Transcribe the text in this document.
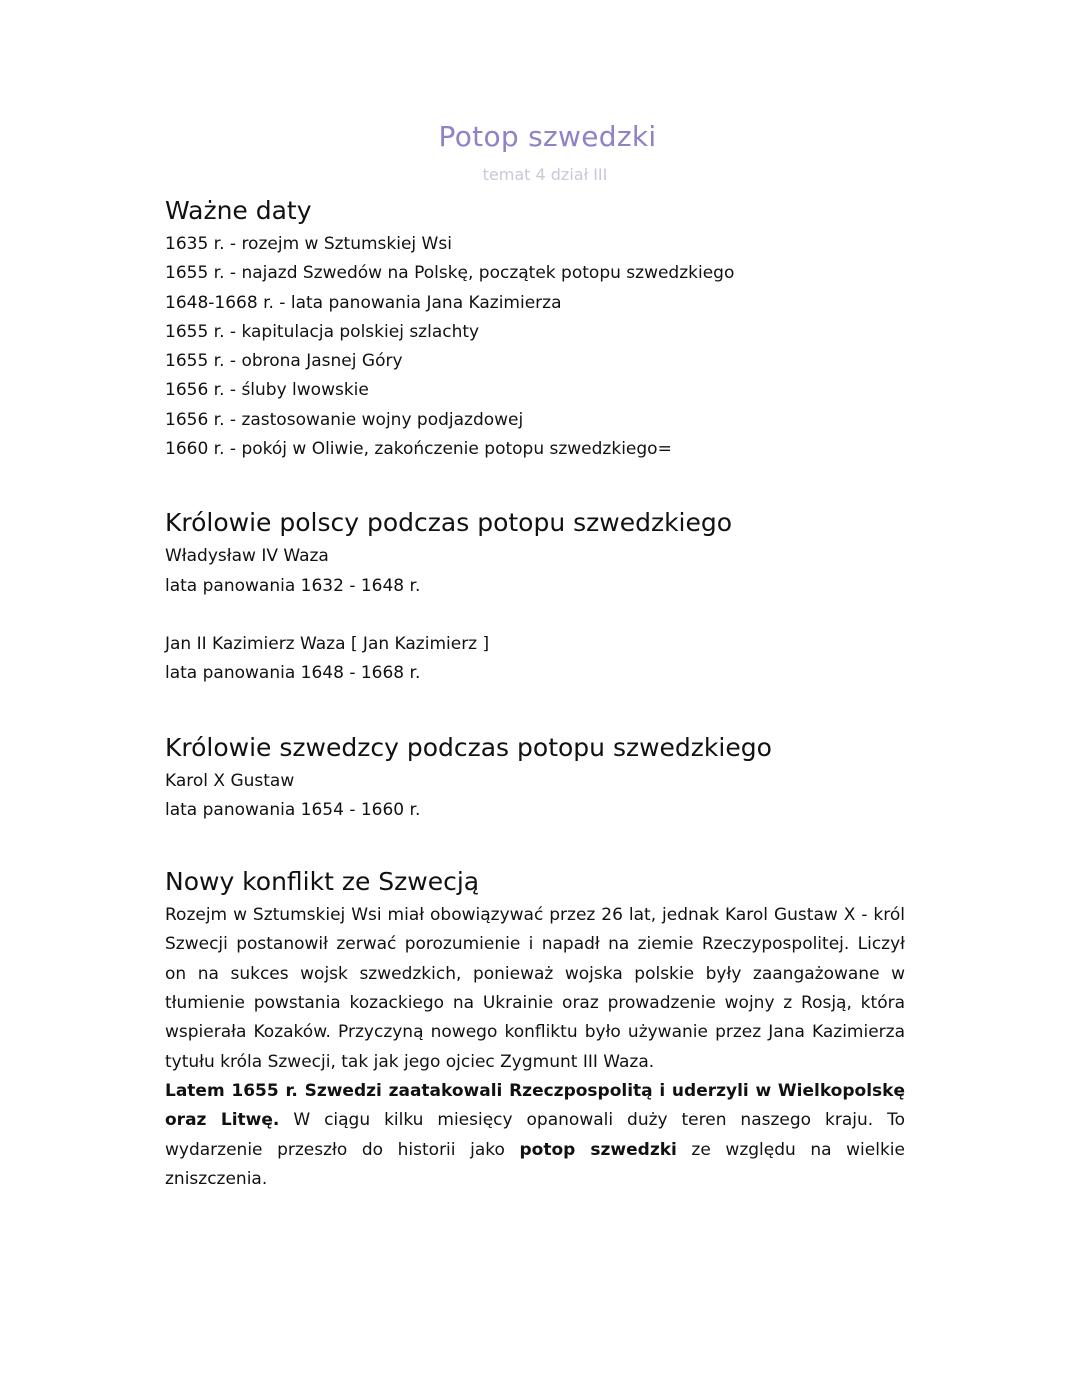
Potop szwedzki
temat 4 dział III
Ważne daty

1635 r. - rozejm w Sztumskiej Wsi

1655 r. - najazd Szwedów na Polskę, początek potopu szwedzkiego

1648-1668 r. - lata panowania Jana Kazimierza

1655 r. - kapitulacja polskiej szlachty

1655 r. - obrona Jasnej Góry

1656 r. - śluby lwowskie

1656 r. - zastosowanie wojny podjazdowej

1660 r. - pokój w Oliwie, zakończenie potopu szwedzkiego=

Królowie polscy podczas potopu szwedzkiego

Władysław IV Waza

lata panowania 1632 - 1648 r.

Jan II Kazimierz Waza [ Jan Kazimierz ]

lata panowania 1648 - 1668 r.

Królowie szwedzcy podczas potopu szwedzkiego

Karol X Gustaw

lata panowania 1654 - 1660 r.

Nowy konflikt ze Szwecją

Rozejm w Sztumskiej Wsi miał obowiązywać przez 26 lat, jednak Karol Gustaw X - król Szwecji postanowił zerwać porozumienie i napadł na ziemie Rzeczypospolitej. Liczył on na sukces wojsk szwedzkich, ponieważ wojska polskie były zaangażowane w tłumienie powstania kozackiego na Ukrainie oraz prowadzenie wojny z Rosją, która wspierała Kozaków. Przyczyną nowego konfliktu było używanie przez Jana Kazimierza tytułu króla Szwecji, tak jak jego ojciec Zygmunt III Waza.

Latem 1655 r. Szwedzi zaatakowali Rzeczpospolitą i uderzyli w Wielkopolskę oraz Litwę. W ciągu kilku miesięcy opanowali duży teren naszego kraju. To wydarzenie przeszło do historii jako potop szwedzki ze względu na wielkie zniszczenia.
